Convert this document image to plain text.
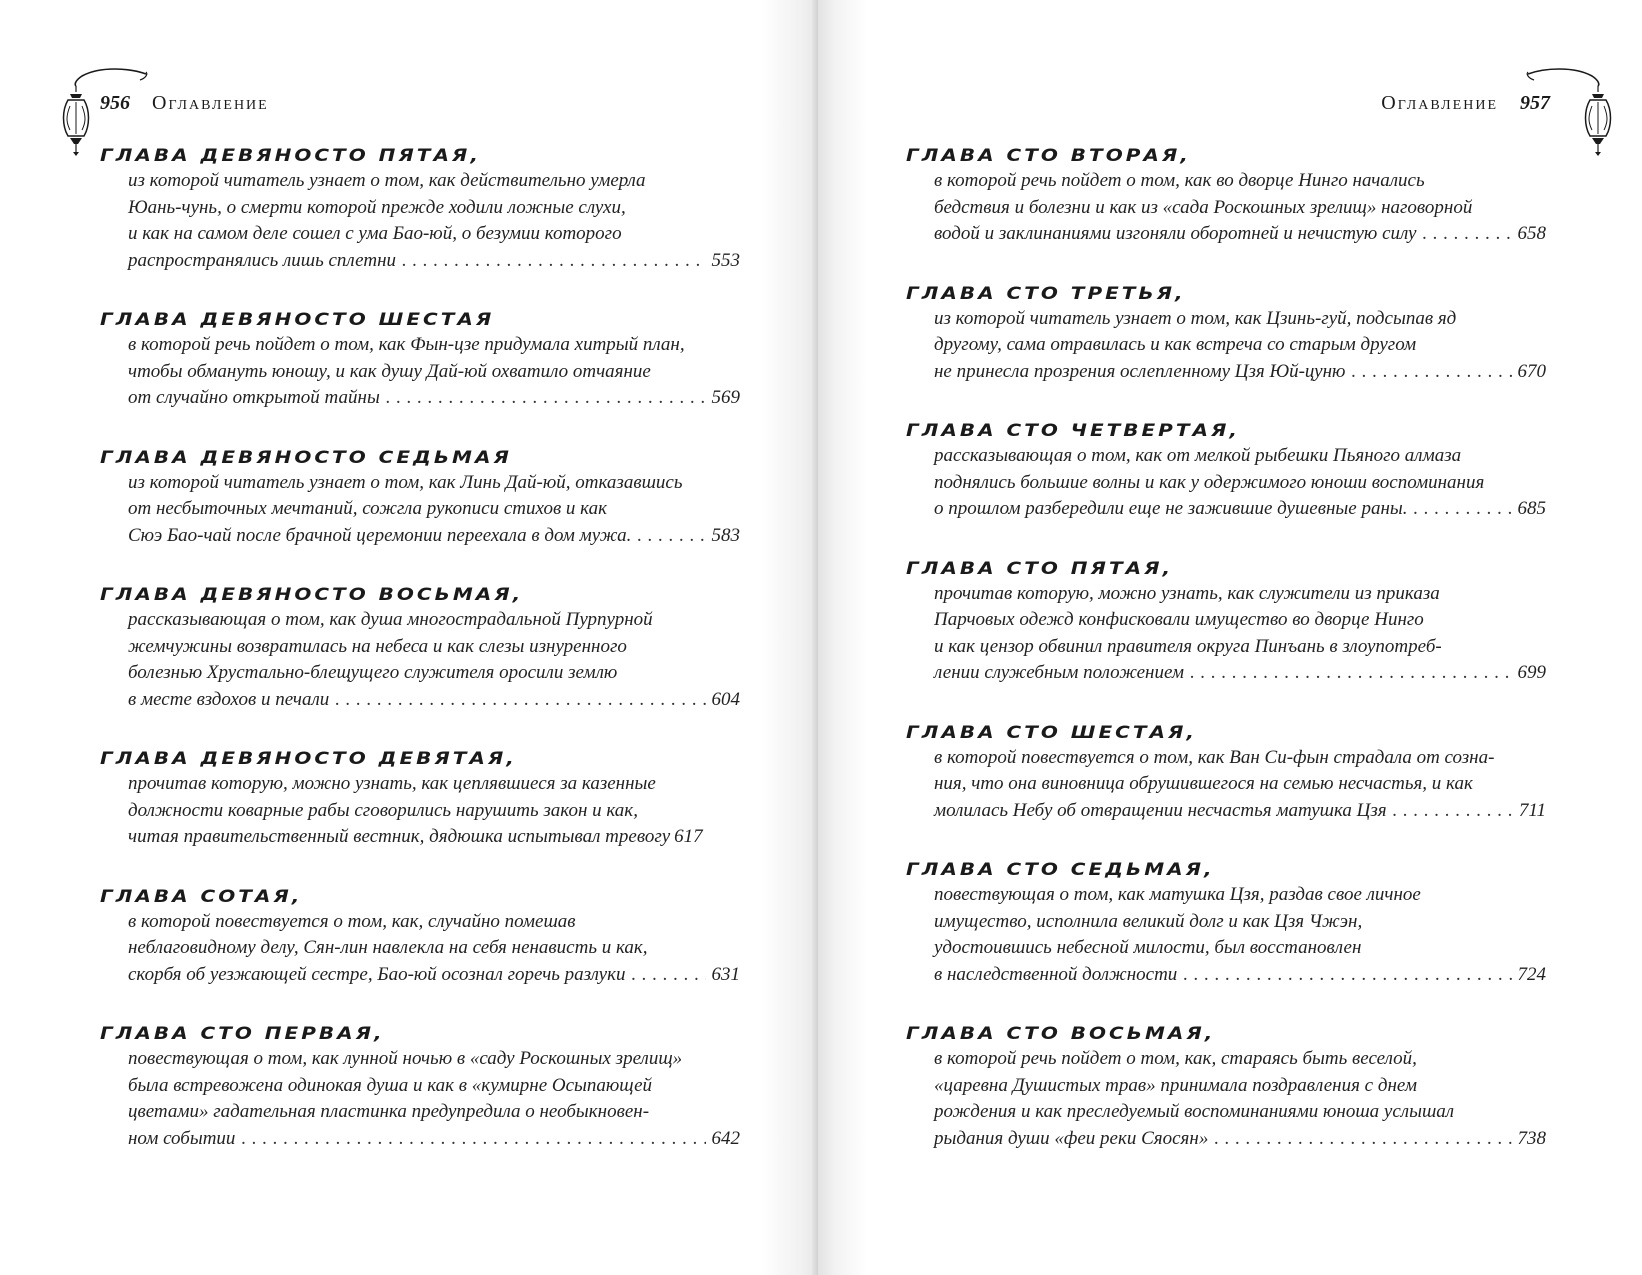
956 Оглавление
ГЛАВА ДЕВЯНОСТО ПЯТАЯ,
из которой читатель узнает о том, как действительно умерла
Юань-чунь, о смерти которой прежде ходили ложные слухи,
и как на самом деле сошел с ума Бао-юй, о безумии которого
распространялись лишь сплетни . . .	553
ГЛАВА ДЕВЯНОСТО ШЕСТАЯ
в которой речь пойдет о том, как Фын-цзе придумала хитрый план,
чтобы обмануть юношу, и как душу Дай-юй охватило отчаяние
от случайно открытой тайны . . .	569
ГЛАВА ДЕВЯНОСТО СЕДЬМАЯ
из которой читатель узнает о том, как Линь Дай-юй, отказавшись
от несбыточных мечтаний, сожгла рукописи стихов и как
Сюэ Бао-чай после брачной церемонии переехала в дом мужа. . . .	583
ГЛАВА ДЕВЯНОСТО ВОСЬМАЯ,
рассказывающая о том, как душа многострадальной Пурпурной
жемчужины возвратилась на небеса и как слезы изнуренного
болезнью Хрустально-блещущего служителя оросили землю
в месте вздохов и печали . . .	604
ГЛАВА ДЕВЯНОСТО ДЕВЯТАЯ,
прочитав которую, можно узнать, как цеплявшиеся за казенные
должности коварные рабы сговорились нарушить закон и как,
читая правительственный вестник, дядюшка испытывал тревогу 617
ГЛАВА СОТАЯ,
в которой повествуется о том, как, случайно помешав
неблаговидному делу, Сян-лин навлекла на себя ненависть и как,
скорбя об уезжающей сестре, Бао-юй осознал горечь разлуки . . .	631
ГЛАВА СТО ПЕРВАЯ,
повествующая о том, как лунной ночью в «саду Роскошных зрелищ»
была встревожена одинокая душа и как в «кумирне Осыпающей
цветами» гадательная пластинка предупредила о необыкновен-
ном событии . . .	642
Оглавление 957
ГЛАВА СТО ВТОРАЯ,
в которой речь пойдет о том, как во дворце Нинго начались
бедствия и болезни и как из «сада Роскошных зрелищ» наговорной
водой и заклинаниями изгоняли оборотней и нечистую силу . . .	658
ГЛАВА СТО ТРЕТЬЯ,
из которой читатель узнает о том, как Цзинь-гуй, подсыпав яд
другому, сама отравилась и как встреча со старым другом
не принесла прозрения ослепленному Цзя Юй-цуню . . .	670
ГЛАВА СТО ЧЕТВЕРТАЯ,
рассказывающая о том, как от мелкой рыбешки Пьяного алмаза
поднялись большие волны и как у одержимого юноши воспоминания
о прошлом разбередили еще не зажившие душевные раны. . . .	685
ГЛАВА СТО ПЯТАЯ,
прочитав которую, можно узнать, как служители из приказа
Парчовых одежд конфисковали имущество во дворце Нинго
и как цензор обвинил правителя округа Пинъань в злоупотреб-
лении служебным положением . . .	699
ГЛАВА СТО ШЕСТАЯ,
в которой повествуется о том, как Ван Си-фын страдала от созна-
ния, что она виновница обрушившегося на семью несчастья, и как
молилась Небу об отвращении несчастья матушка Цзя . . .	711
ГЛАВА СТО СЕДЬМАЯ,
повествующая о том, как матушка Цзя, раздав свое личное
имущество, исполнила великий долг и как Цзя Чжэн,
удостоившись небесной милости, был восстановлен
в наследственной должности . . .	724
ГЛАВА СТО ВОСЬМАЯ,
в которой речь пойдет о том, как, стараясь быть веселой,
«царевна Душистых трав» принимала поздравления с днем
рождения и как преследуемый воспоминаниями юноша услышал
рыдания души «феи реки Сяосян» . . .	738
